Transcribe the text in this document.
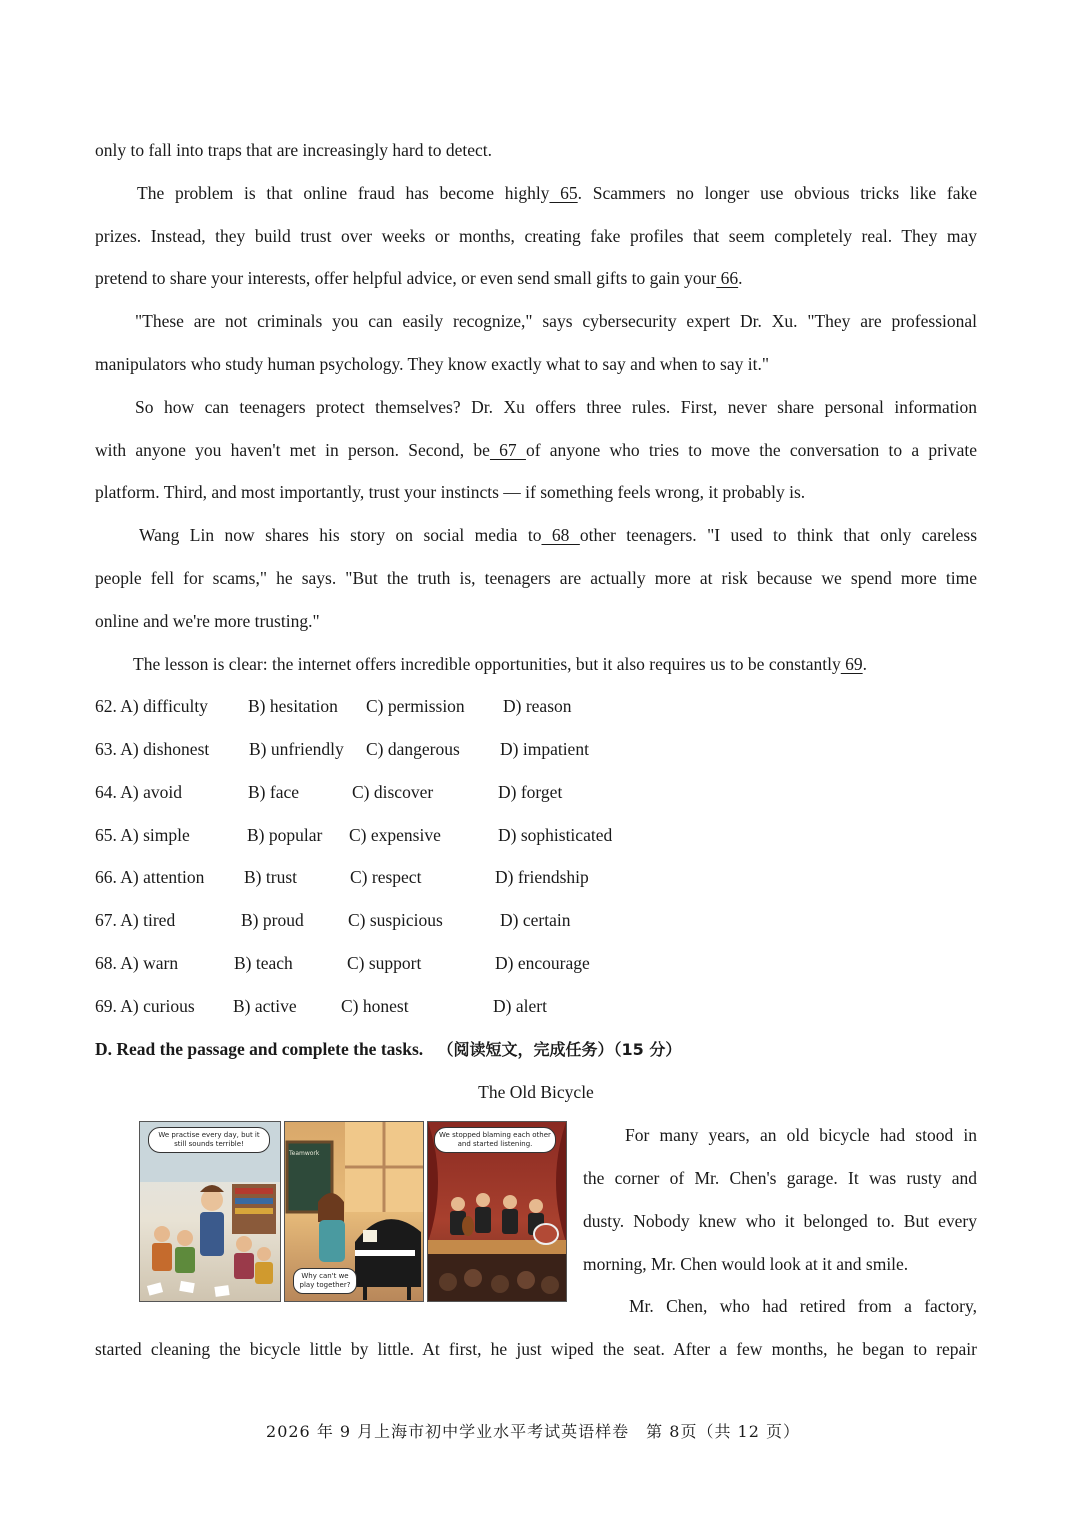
only to fall into traps that are increasingly hard to detect.
The problem is that online fraud has become highly 65. Scammers no longer use obvious tricks like fake
prizes. Instead, they build trust over weeks or months, creating fake profiles that seem completely real. They may
pretend to share your interests, offer helpful advice, or even send small gifts to gain your 66.
"These are not criminals you can easily recognize," says cybersecurity expert Dr. Xu. "They are professional
manipulators who study human psychology. They know exactly what to say and when to say it."
So how can teenagers protect themselves? Dr. Xu offers three rules. First, never share personal information
with anyone you haven't met in person. Second, be 67 of anyone who tries to move the conversation to a private
platform. Third, and most importantly, trust your instincts — if something feels wrong, it probably is.
Wang Lin now shares his story on social media to 68 other teenagers. "I used to think that only careless
people fell for scams," he says. "But the truth is, teenagers are actually more at risk because we spend more time
online and we're more trusting."
The lesson is clear: the internet offers incredible opportunities, but it also requires us to be constantly 69.
62. A) difficulty B) hesitation C) permission D) reason
63. A) dishonest B) unfriendly C) dangerous D) impatient
64. A) avoid	B) face	C) discover	D) forget
65. A) simple	B) popular C) expensive	D) sophisticated
66. A) attention B) trust	C) respect	D) friendship
67. A) tired	B) proud	C) suspicious	D) certain
68. A) warn	B) teach	C) support	D) encourage
69. A) curious B) active	C) honest	D) alert
D. Read the passage and complete the tasks. （阅读短文，完成任务）（15 分）
The Old Bicycle
We practise every day, but it still sounds terrible!
Teamwork
Why can't we play together?
We stopped blaming each other and started listening.	For many years, an old bicycle had stood in
the corner of Mr. Chen's garage. It was rusty and
dusty. Nobody knew who it belonged to. But every
morning, Mr. Chen would look at it and smile.
Mr. Chen, who had retired from a factory,
started cleaning the bicycle little by little. At first, he just wiped the seat. After a few months, he began to repair
2026 年 9 月上海市初中学业水平考试英语样卷　第 8页（共 12 页）
